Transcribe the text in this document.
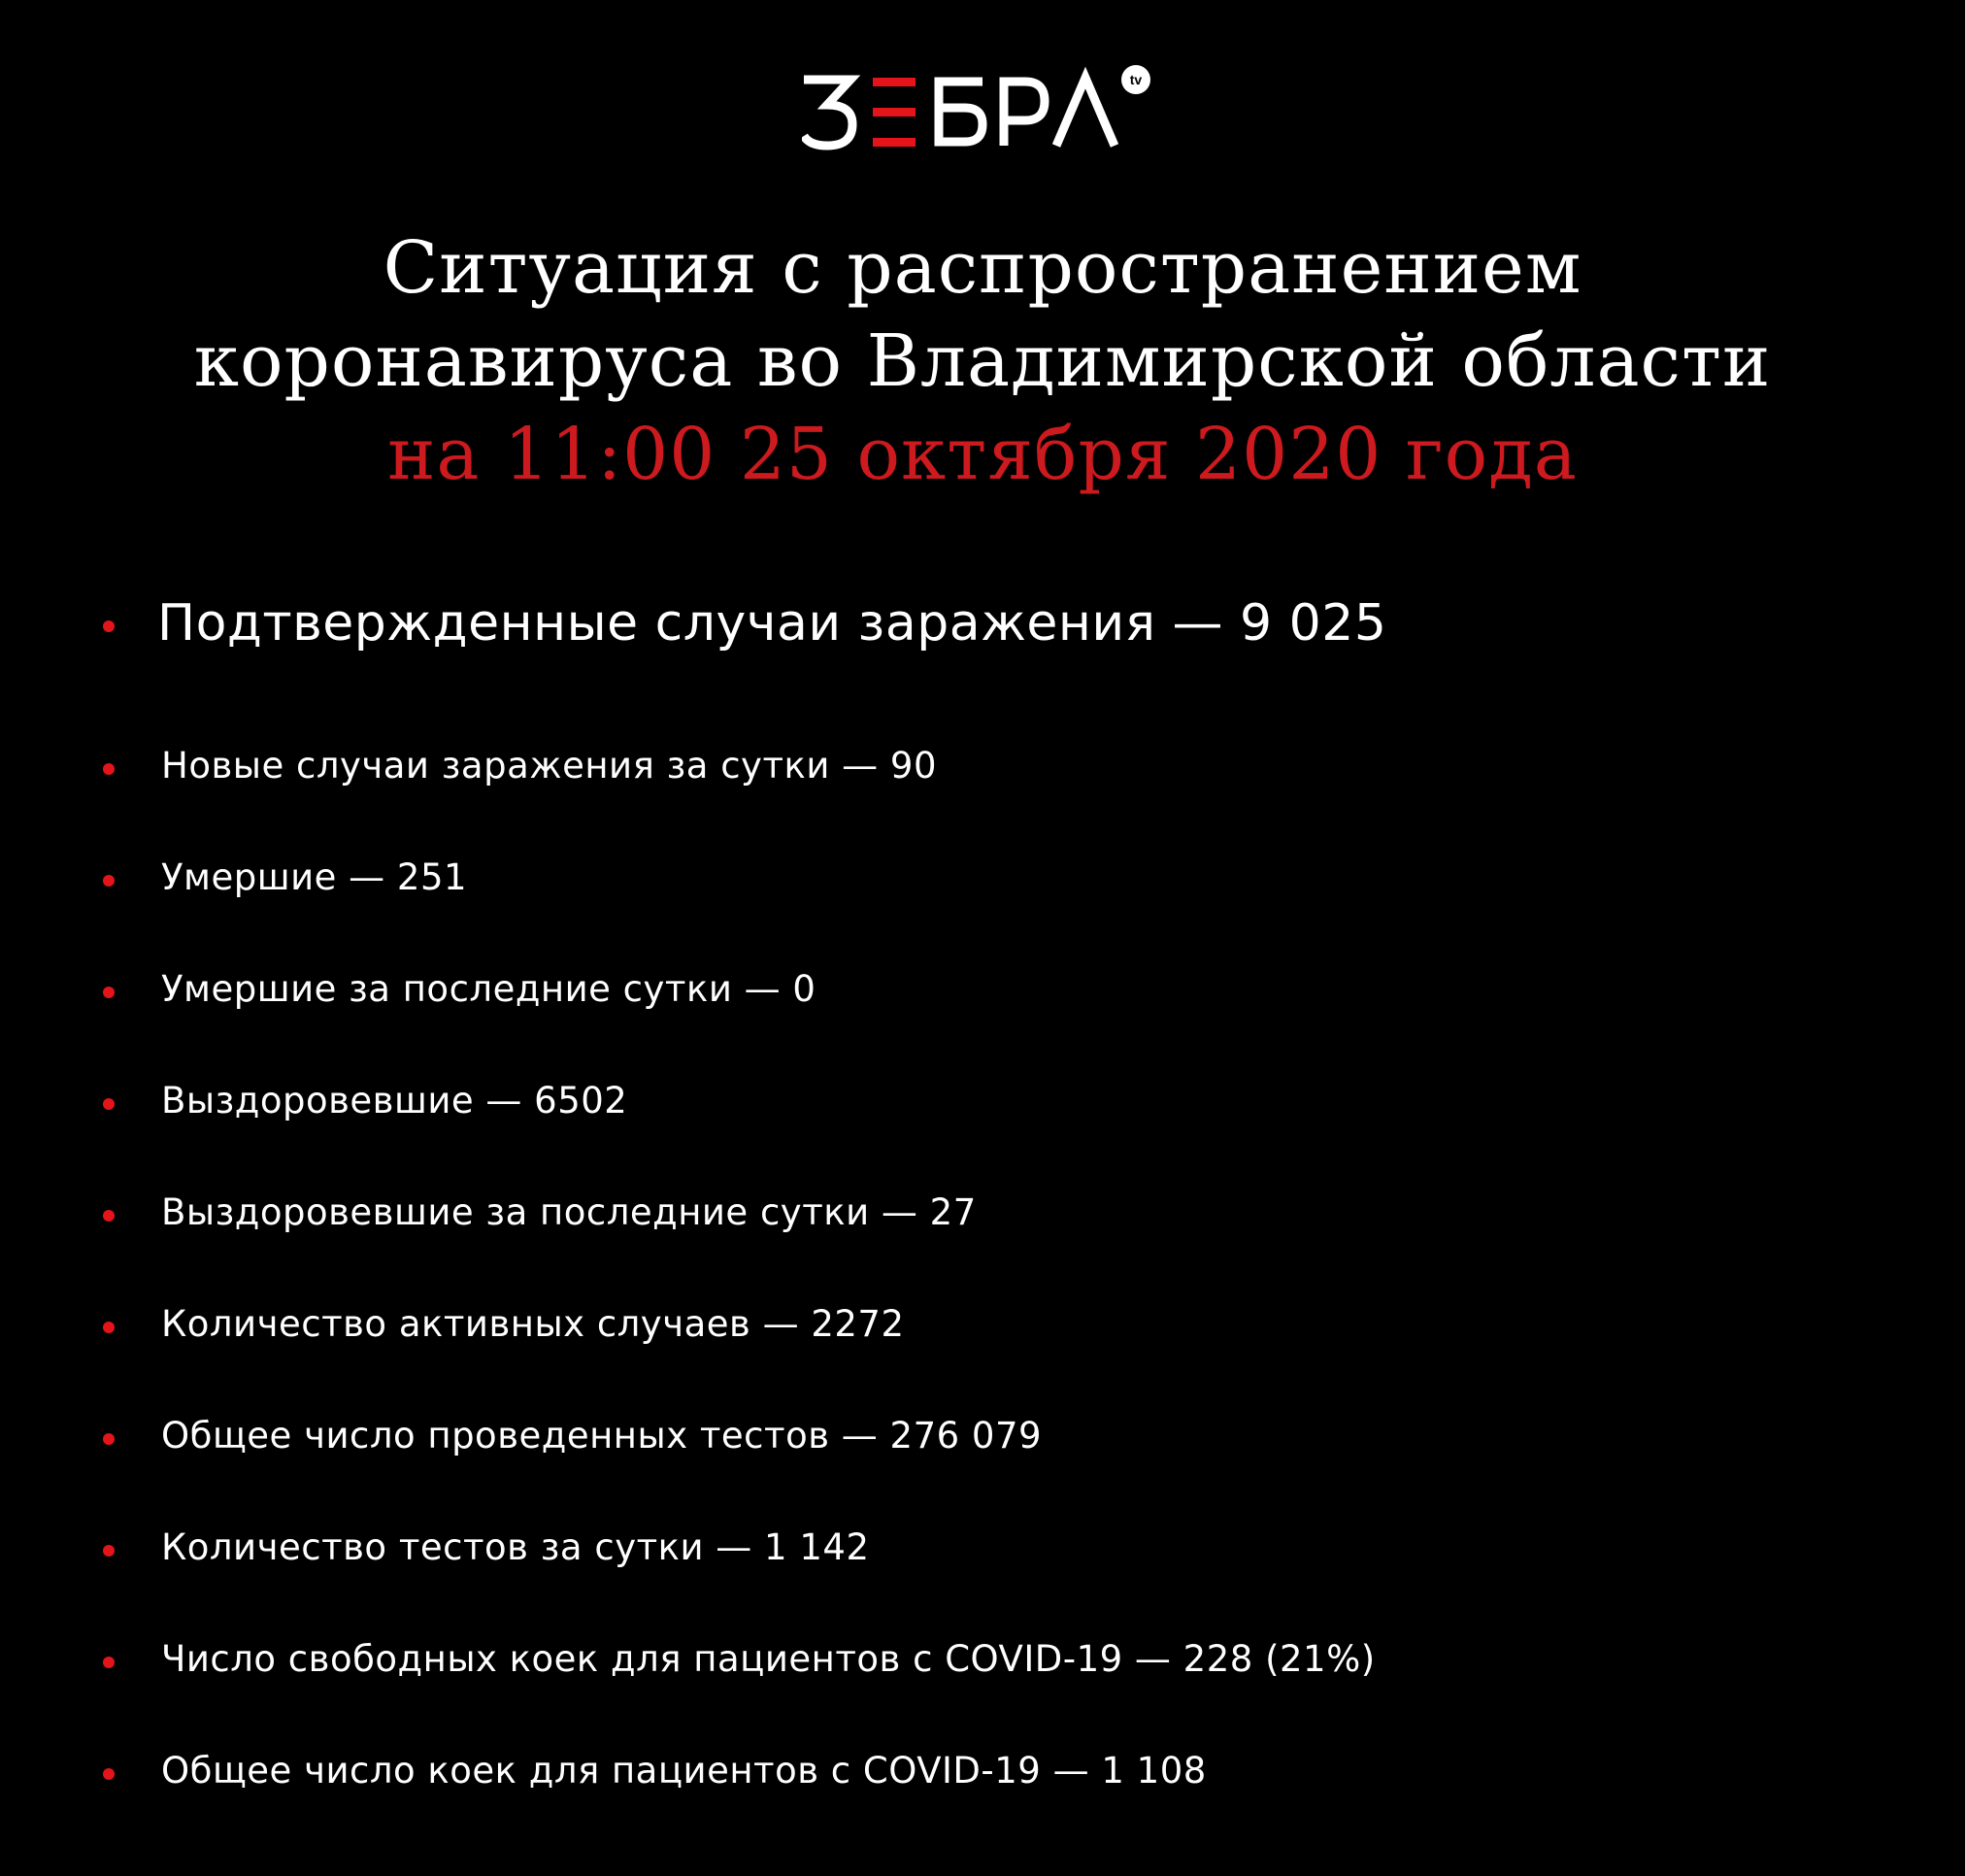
tv
Ситуация с распространением
коронавируса во Владимирской области
на 11:00 25 октября 2020 года
Подтвержденные случаи заражения — 9 025
Новые случаи заражения за сутки — 90
Умершие — 251
Умершие за последние сутки — 0
Выздоровевшие — 6502
Выздоровевшие за последние сутки — 27
Количество активных случаев — 2272
Общее число проведенных тестов — 276 079
Количество тестов за сутки — 1 142
Число свободных коек для пациентов с COVID-19 — 228 (21%)
Общее число коек для пациентов с COVID-19 — 1 108
